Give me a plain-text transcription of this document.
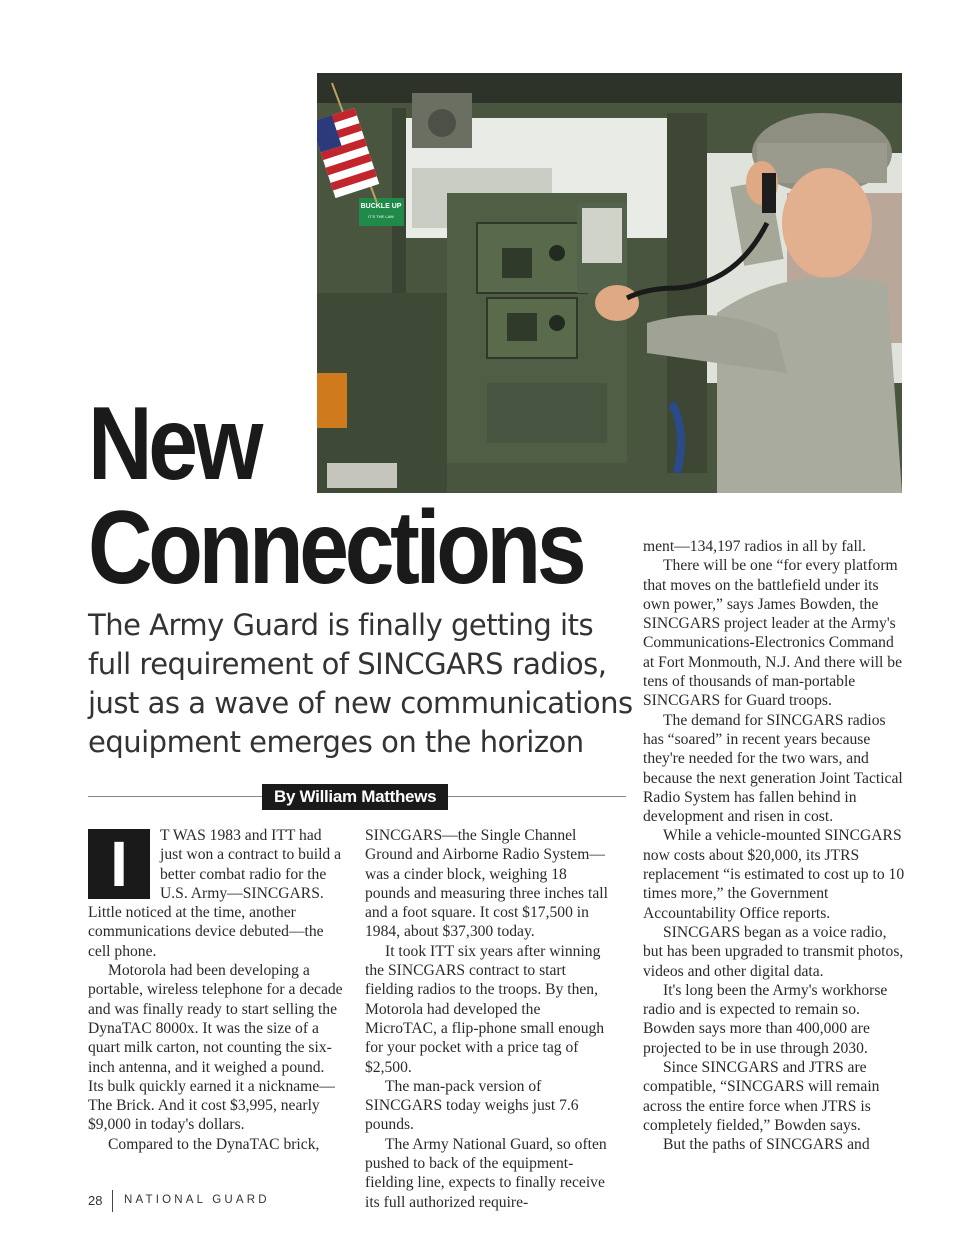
BUCKLE UP
IT'S THE LAW
New
Connections
The Army Guard is finally getting its
full requirement of SINCGARS radios,
just as a wave of new communications
equipment emerges on the horizon
By William Matthews

I	T WAS 1983 and ITT had just won a contract to build a better combat radio for the U.S. Army—SINCGARS. Little noticed at the time, another communications device debuted—the cell phone.

Motorola had been developing a portable, wireless telephone for a decade and was finally ready to start selling the DynaTAC 8000x. It was the size of a quart milk carton, not counting the six-inch antenna, and it weighed a pound. Its bulk quickly earned it a nickname—The Brick. And it cost $3,995, nearly $9,000 in today's dollars.

Compared to the DynaTAC brick,

SINCGARS—the Single Channel Ground and Airborne Radio System—was a cinder block, weighing 18 pounds and measuring three inches tall and a foot square. It cost $17,500 in 1984, about $37,300 today.

It took ITT six years after winning the SINCGARS contract to start fielding radios to the troops. By then, Motorola had developed the MicroTAC, a flip-phone small enough for your pocket with a price tag of $2,500.

The man-pack version of SINCGARS today weighs just 7.6 pounds.

The Army National Guard, so often pushed to back of the equipment-fielding line, expects to finally receive its full authorized require-

ment—134,197 radios in all by fall.

There will be one “for every platform that moves on the battlefield under its own power,” says James Bowden, the SINCGARS project leader at the Army's Communications-Electronics Command at Fort Monmouth, N.J. And there will be tens of thousands of man-portable SINCGARS for Guard troops.

The demand for SINCGARS radios has “soared” in recent years because they're needed for the two wars, and because the next generation Joint Tactical Radio System has fallen behind in development and risen in cost.

While a vehicle-mounted SINCGARS now costs about $20,000, its JTRS replacement “is estimated to cost up to 10 times more,” the Government Accountability Office reports.

SINCGARS began as a voice radio, but has been upgraded to transmit photos, videos and other digital data.

It's long been the Army's workhorse radio and is expected to remain so. Bowden says more than 400,000 are projected to be in use through 2030.

Since SINCGARS and JTRS are compatible, “SINCGARS will remain across the entire force when JTRS is completely fielded,” Bowden says.

But the paths of SINCGARS and

28 NATIONAL GUARD
